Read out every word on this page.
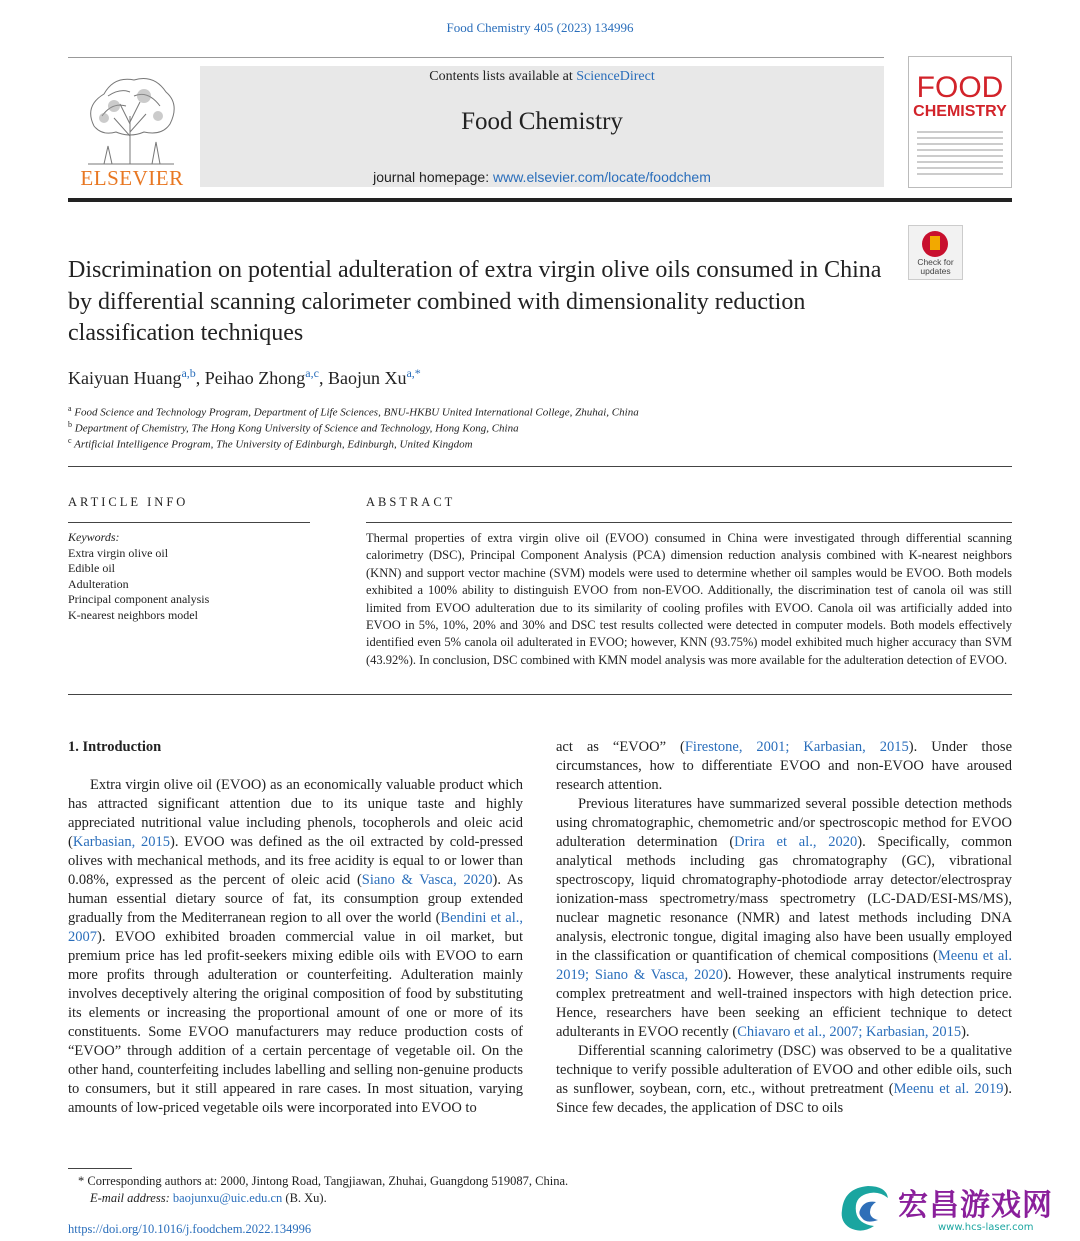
Food Chemistry 405 (2023) 134996
ELSEVIER
Contents lists available at ScienceDirect
Food Chemistry
journal homepage: www.elsevier.com/locate/foodchem
FOOD
CHEMISTRY
Discrimination on potential adulteration of extra virgin olive oils consumed in China by differential scanning calorimeter combined with dimensionality reduction classification techniques
Check for updates
Kaiyuan Huang$^{a,b}$, Peihao Zhong$^{a,c}$, Baojun $Xu^{a,*}$
$^a$ Food Science and Technology Program, Department of Life Sciences, BNU-HKBU United International College, Zhuhai, China
$^b$ Department of Chemistry, The Hong Kong University of Science and Technology, Hong Kong, China
$^c$ Artificial Intelligence Program, The University of Edinburgh, Edinburgh, United Kingdom
ARTICLE INFO	ABSTRACT
Keywords:
Extra virgin olive oil
Edible oil
Adulteration
Principal component analysis
K-nearest neighbors model
Thermal properties of extra virgin olive oil (EVOO) consumed in China were investigated through differential scanning calorimetry (DSC), Principal Component Analysis (PCA) dimension reduction analysis combined with K-nearest neighbors (KNN) and support vector machine (SVM) models were used to determine whether oil samples would be EVOO. Both models exhibited a 100% ability to distinguish EVOO from non-EVOO. Additionally, the discrimination test of canola oil was still limited from EVOO adulteration due to its similarity of cooling profiles with EVOO. Canola oil was artificially added into EVOO in 5%, 10%, 20% and 30% and DSC test results collected were detected in computer models. Both models effectively identified even 5% canola oil adulterated in EVOO; however, KNN (93.75%) model exhibited much higher accuracy than SVM (43.92%). In conclusion, DSC combined with KMN model analysis was more available for the adulteration detection of EVOO.
1. Introduction

Extra virgin olive oil (EVOO) as an economically valuable product which has attracted significant attention due to its unique taste and highly appreciated nutritional value including phenols, tocopherols and oleic acid (Karbasian, 2015). EVOO was defined as the oil extracted by cold-pressed olives with mechanical methods, and its free acidity is equal to or lower than 0.08%, expressed as the percent of oleic acid (Siano & Vasca, 2020). As human essential dietary source of fat, its consumption group extended gradually from the Mediterranean region to all over the world (Bendini et al., 2007). EVOO exhibited broaden commercial value in oil market, but premium price has led profit-seekers mixing edible oils with EVOO to earn more profits through adulteration or counterfeiting. Adulteration mainly involves deceptively altering the original composition of food by substituting its elements or increasing the proportional amount of one or more of its constituents. Some EVOO manufacturers may reduce production costs of “EVOO” through addition of a certain percentage of vegetable oil. On the other hand, counterfeiting includes labelling and selling non-genuine products to consumers, but it still appeared in rare cases. In most situation, varying amounts of low-priced vegetable oils were incorporated into EVOO to

act as “EVOO” (Firestone, 2001; Karbasian, 2015). Under those circumstances, how to differentiate EVOO and non-EVOO have aroused research attention.

Previous literatures have summarized several possible detection methods using chromatographic, chemometric and/or spectroscopic method for EVOO adulteration determination (Drira et al., 2020). Specifically, common analytical methods including gas chromatography (GC), vibrational spectroscopy, liquid chromatography-photodiode array detector/electrospray ionization-mass spectrometry/mass spectrometry (LC-DAD/ESI-MS/MS), nuclear magnetic resonance (NMR) and latest methods including DNA analysis, electronic tongue, digital imaging also have been usually employed in the classification or quantification of chemical compositions (Meenu et al. 2019; Siano & Vasca, 2020). However, these analytical instruments require complex pretreatment and well-trained inspectors with high detection price. Hence, researchers have been seeking an efficient technique to detect adulterants in EVOO recently (Chiavaro et al., 2007; Karbasian, 2015).

Differential scanning calorimetry (DSC) was observed to be a qualitative technique to verify possible adulteration of EVOO and other edible oils, such as sunflower, soybean, corn, etc., without pretreatment (Meenu et al. 2019). Since few decades, the application of DSC to oils

* Corresponding authors at: 2000, Jintong Road, Tangjiawan, Zhuhai, Guangdong 519087, China.
E-mail address: baojunxu@uic.edu.cn (B. Xu).
https://doi.org/10.1016/j.foodchem.2022.134996
宏昌游戏网
www.hcs-laser.com
